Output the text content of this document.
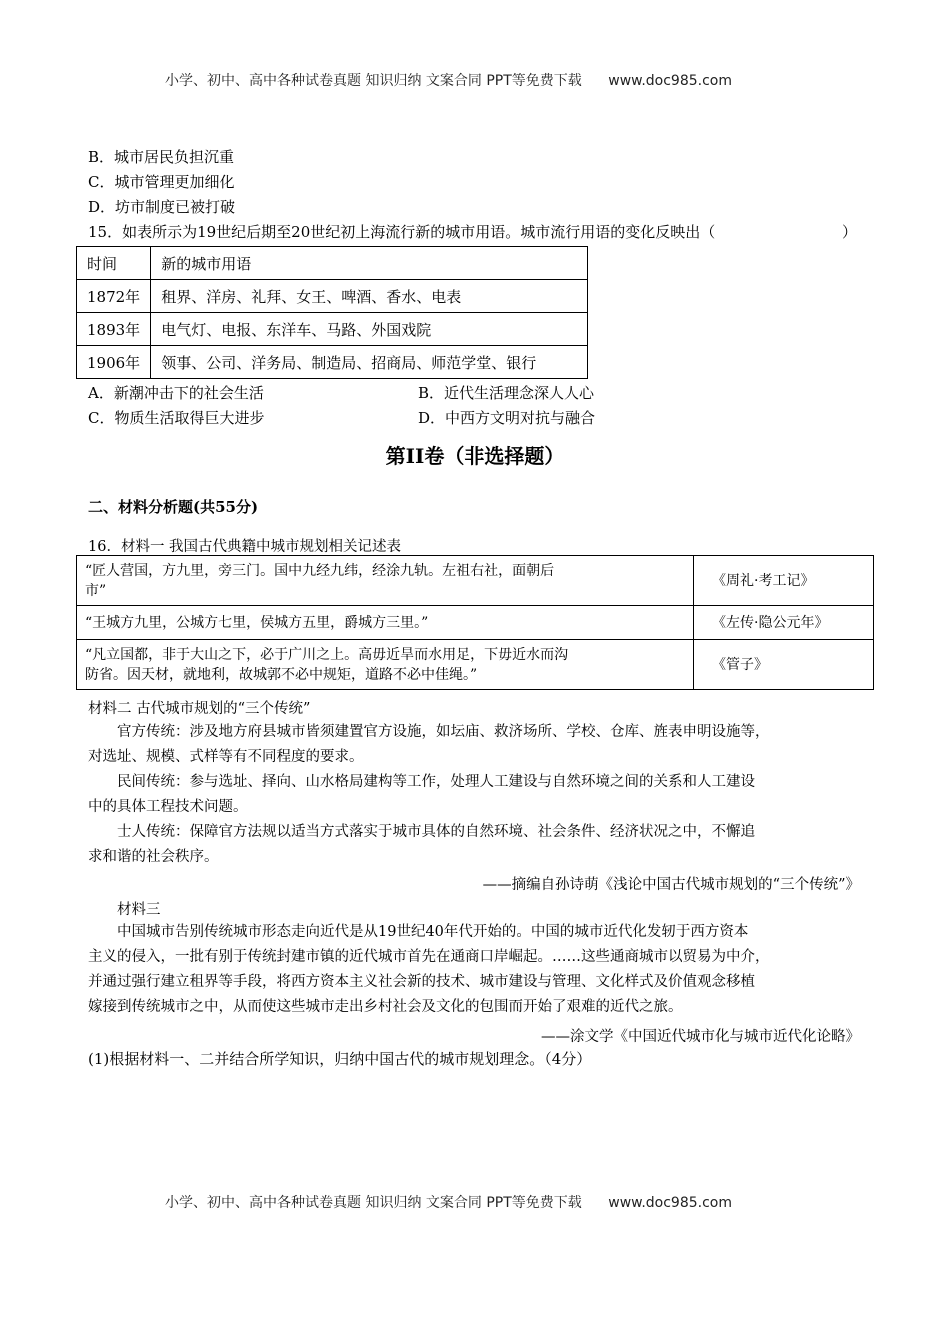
小学、初中、高中各种试卷真题 知识归纳 文案合同 PPT等免费下载 www.doc985.com
B．城市居民负担沉重
C．城市管理更加细化
D．坊市制度已被打破
15．如表所示为19世纪后期至20世纪初上海流行新的城市用语。城市流行用语的变化反映出（	）
时间	新的城市用语
1872年	租界、洋房、礼拜、女王、啤酒、香水、电表
1893年	电气灯、电报、东洋车、马路、外国戏院
1906年	领事、公司、洋务局、制造局、招商局、师范学堂、银行
A．新潮冲击下的社会生活	B．近代生活理念深人人心
C．物质生活取得巨大进步	D．中西方文明对抗与融合
第II卷（非选择题）
二、材料分析题(共55分)
16．材料一 我国古代典籍中城市规划相关记述表
“匠人营国，方九里，旁三门。国中九经九纬，经涂九轨。左祖右社，面朝后
市”	《周礼·考工记》

“王城方九里，公城方七里，侯城方五里，爵城方三里。”	《左传·隐公元年》

“凡立国都，非于大山之下，必于广川之上。高毋近旱而水用足，下毋近水而沟
防省。因天材，就地利，故城郭不必中规矩，道路不必中佳绳。”	《管子》
材料二 古代城市规划的“三个传统”
官方传统：涉及地方府县城市皆须建置官方设施，如坛庙、救济场所、学校、仓库、旌表申明设施等，
对选址、规模、式样等有不同程度的要求。
民间传统：参与选址、择向、山水格局建构等工作，处理人工建设与自然环境之间的关系和人工建设
中的具体工程技术问题。
士人传统：保障官方法规以适当方式落实于城市具体的自然环境、社会条件、经济状况之中，不懈追
求和谐的社会秩序。
——摘编自孙诗萌《浅论中国古代城市规划的“三个传统”》
材料三
中国城市告别传统城市形态走向近代是从19世纪40年代开始的。中国的城市近代化发轫于西方资本
主义的侵入，一批有别于传统封建市镇的近代城市首先在通商口岸崛起。……这些通商城市以贸易为中介，
并通过强行建立租界等手段，将西方资本主义社会新的技术、城市建设与管理、文化样式及价值观念移植
嫁接到传统城市之中，从而使这些城市走出乡村社会及文化的包围而开始了艰难的近代之旅。
——涂文学《中国近代城市化与城市近代化论略》
(1)根据材料一、二并结合所学知识，归纳中国古代的城市规划理念。（4分）
小学、初中、高中各种试卷真题 知识归纳 文案合同 PPT等免费下载 www.doc985.com
